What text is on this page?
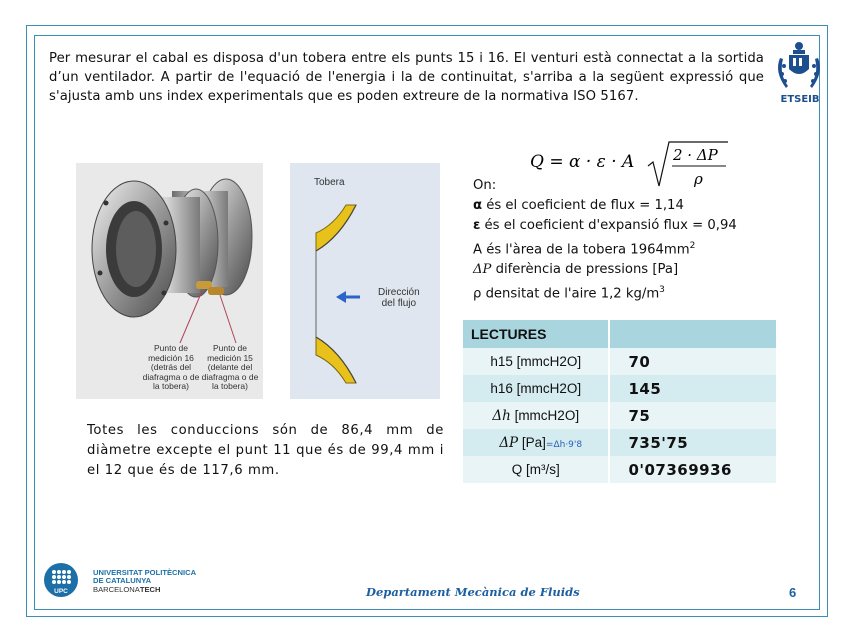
Per mesurar el cabal es disposa d'un tobera entre els punts 15 i 16. El venturi està connectat a la sortida d’un ventilador. A partir de l'equació de l'energia i la de continuitat, s'arriba a la següent expressió que s'ajusta amb uns index experimentals que es poden extreure de la normativa ISO 5167.	ETSEIB
Punto de
medición 16
(detrás del
diafragma o de
la tobera)
Punto de
medición 15
(delante del
diafragma o de
la tobera)
Tobera
Dirección
del flujo
Q = α · ε · A	2 · ΔP
ρ
On:
α és el coeficient de flux = 1,14
ε és el coeficient d'expansió flux = 0,94
A és l'àrea de la tobera $1964mm^2$
ΔP diferència de pressions [Pa]
ρ densitat de l'aire 1,2 $kg/m^3$

Totes les conduccions són de 86,4 mm de diàmetre excepte el punt 11 que és de 99,4 mm i el 12 que és de 117,6 mm.

LECTURES	
h15 [mmcH2O]	70
h16 [mmcH2O]	145
Δh [mmcH2O]	75
ΔP [Pa]=Δh·9'8	735'75
Q [m³/s]	0'07369936
UPC
UNIVERSITAT POLITÈCNICA
DE CATALUNYA
BARCELONATECH	Departament Mecànica de Fluids	6
